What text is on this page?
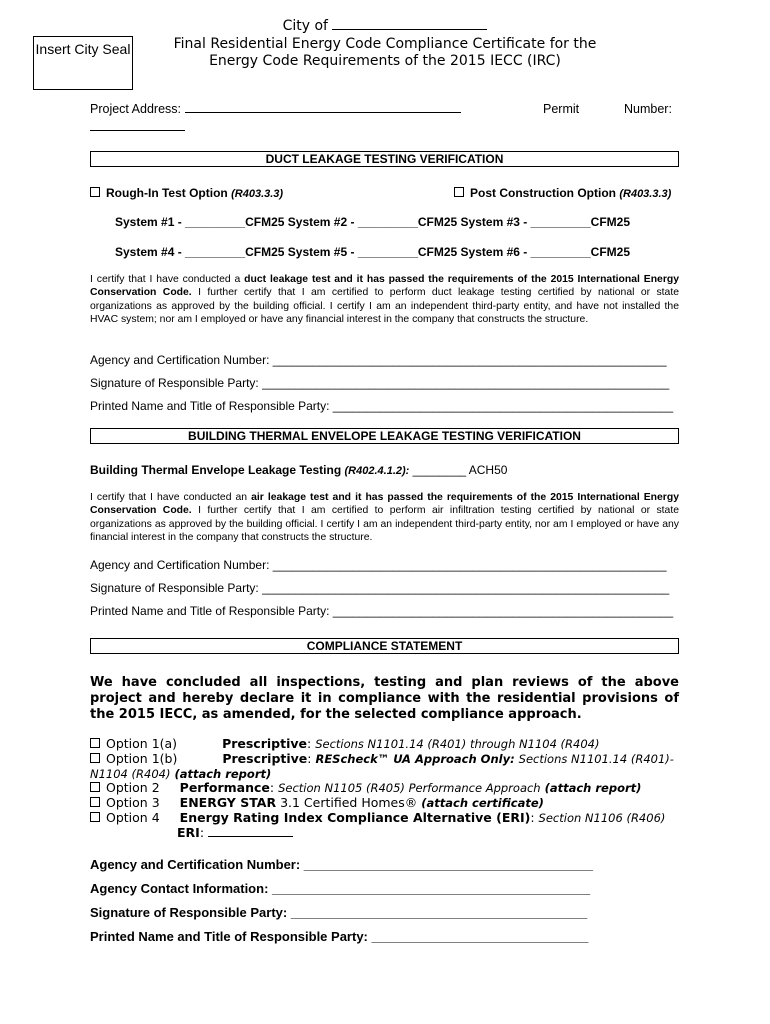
Insert City Seal
City of
Final Residential Energy Code Compliance Certificate for the
Energy Code Requirements of the 2015 IECC (IRC)
Project Address:	Permit	Number:
DUCT LEAKAGE TESTING VERIFICATION
Rough-In Test Option (R403.3.3)	Post Construction Option (R403.3.3)
System #1 - _________CFM25 System #2 - _________CFM25 System #3 - _________CFM25
System #4 - _________CFM25 System #5 - _________CFM25 System #6 - _________CFM25
I certify that I have conducted a duct leakage test and it has passed the requirements of the 2015 International Energy Conservation Code. I further certify that I am certified to perform duct leakage testing certified by national or state organizations as approved by the building official. I certify I am an independent third-party entity, and have not installed the HVAC system; nor am I employed or have any financial interest in the company that constructs the structure.
Agency and Certification Number: ___________________________________________________________
Signature of Responsible Party: _____________________________________________________________
Printed Name and Title of Responsible Party: ___________________________________________________
BUILDING THERMAL ENVELOPE LEAKAGE TESTING VERIFICATION
Building Thermal Envelope Leakage Testing (R402.4.1.2): ________ ACH50
I certify that I have conducted an air leakage test and it has passed the requirements of the 2015 International Energy Conservation Code. I further certify that I am certified to perform air infiltration testing certified by national or state organizations as approved by the building official. I certify I am an independent third-party entity, nor am I employed or have any financial interest in the company that constructs the structure.
Agency and Certification Number: ___________________________________________________________
Signature of Responsible Party: _____________________________________________________________
Printed Name and Title of Responsible Party: ___________________________________________________
COMPLIANCE STATEMENT
We have concluded all inspections, testing and plan reviews of the above project and hereby declare it in compliance with the residential provisions of the 2015 IECC, as amended, for the selected compliance approach.
Option 1(a)	Prescriptive: Sections N1101.14 (R401) through N1104 (R404)
Option 1(b)	Prescriptive: REScheck™ UA Approach Only: Sections N1101.14 (R401)-
N1104 (R404) (attach report)
Option 2 Performance: Section N1105 (R405) Performance Approach (attach report)
Option 3 ENERGY STAR 3.1 Certified Homes® (attach certificate)
Option 4 Energy Rating Index Compliance Alternative (ERI): Section N1106 (R406)
ERI:
Agency and Certification Number: ________________________________________
Agency Contact Information: ____________________________________________
Signature of Responsible Party: _________________________________________
Printed Name and Title of Responsible Party: ______________________________
